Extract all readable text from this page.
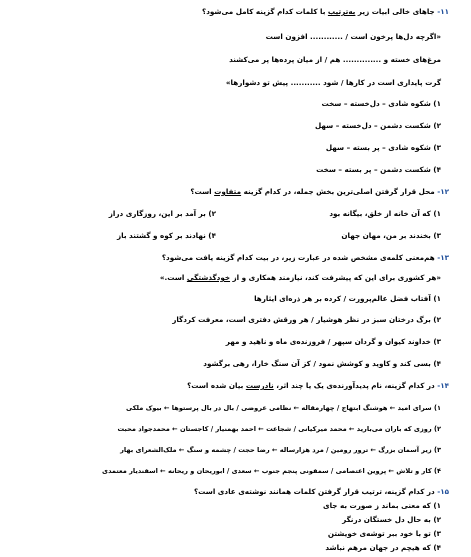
۱۱- جاهای خالی ابیات زیر به‌ترتیب با کلمات کدام گزینه کامل می‌شود؟
«اگرچه دل‌ها پرخون است / ............ افزون است
مرغ‌های خسته و .............. هم / از میان پرده‌ها پر می‌کشند
گرت پایداری است در کارها / شود ........... پیش تو دشوارها»
۱) شکوه شادی – دل‌خسته – سخت
۲) شکست دشمن – دل‌خسته – سهل
۳) شکوه شادی – پر بسته – سهل
۴) شکست دشمن – پر بسته – سخت
۱۲- محل قرار گرفتن اصلی‌ترین بخش جمله، در کدام گزینه متفاوت است؟
۱) که آن خانه از خلق، بیگانه بود
۲) بر آمد بر این، روزگاری دراز
۳) بخندند بر من، مهان جهان
۴) نهادند بر کوه و گشتند باز
۱۳- هم‌معنی کلمه‌ی مشخص شده در عبارت زیر، در بیت کدام گزینه یافت می‌شود؟
«هر کشوری برای این که پیشرفت کند، نیازمند همکاری و از خودگذشتگی است.»
۱) آفتاب فضل عالم‌پرورت / کرده بر هر ذره‌ای ایثارها
۲) برگ درختان سبز در نظر هوشیار / هر ورقش دفتری است، معرفت کردگار
۳) خداوند کیوان و گردان سپهر / فروزنده‌ی ماه و ناهید و مهر
۴) بسی کند و کاوید و کوشش نمود / کز آن سنگ خارا، رهی برگشود
۱۴- در کدام گزینه، نام پدیدآورنده‌ی یک یا چند اثر، نادرست بیان شده است؟
۱) سرای امید ← هوشنگ ابتهاج / چهارمقاله ← نظامی عروضی / بال در بال پرستوها ← بیوک ملکی
۲) روزی که باران می‌بارید ← محمد میرکیانی / شجاعت ← احمد بهمنیار / کاجستان ← محمدجواد محبت
۳) زیر آسمان بزرگ ← ترور رومین / مرد هزارساله ← رضا حجت / چشمه و سنگ ← ملک‌الشعرای بهار
۴) کار و تلاش ← پروین اعتصامی / سمفونی پنجم جنوب ← سعدی / ابوریحان و ریحانه ← اسفندیار معتمدی
۱۵- در کدام گزینه، ترتیب قرار گرفتن کلمات همانند نوشته‌ی عادی است؟
۱) که معنی بماند ز صورت به جای
۲) به حال دل خستگان درنگر
۳) تو با خود ببر توشه‌ی خویشتن
۴) که هیچم در جهان مرهم نباشد
